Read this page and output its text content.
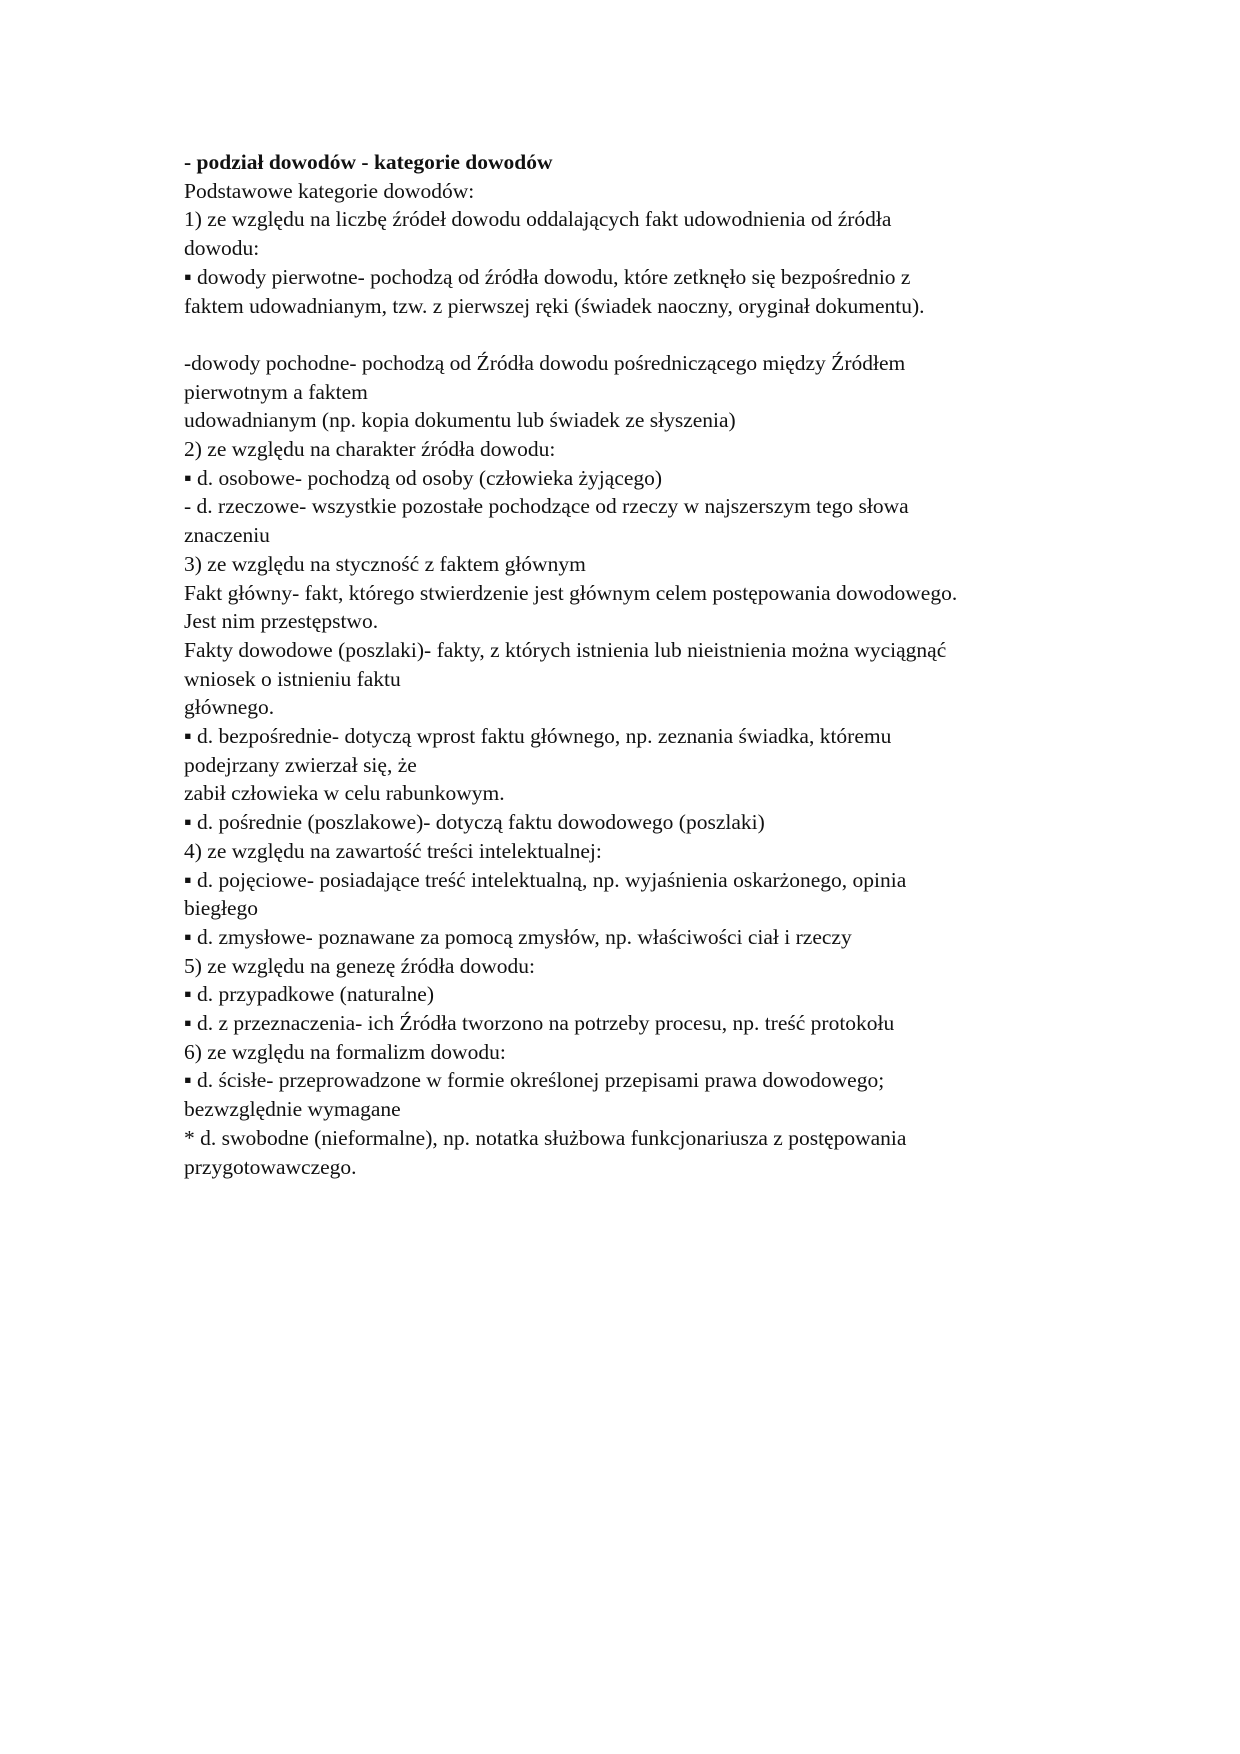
- podział dowodów - kategorie dowodów
Podstawowe kategorie dowodów:
1) ze względu na liczbę źródeł dowodu oddalających fakt udowodnienia od źródła
dowodu:
▪ dowody pierwotne- pochodzą od źródła dowodu, które zetknęło się bezpośrednio z
faktem udowadnianym, tzw. z pierwszej ręki (świadek naoczny, oryginał dokumentu).
-dowody pochodne- pochodzą od Źródła dowodu pośredniczącego między Źródłem
pierwotnym a faktem
udowadnianym (np. kopia dokumentu lub świadek ze słyszenia)
2) ze względu na charakter źródła dowodu:
▪ d. osobowe- pochodzą od osoby (człowieka żyjącego)
- d. rzeczowe- wszystkie pozostałe pochodzące od rzeczy w najszerszym tego słowa
znaczeniu
3) ze względu na styczność z faktem głównym
Fakt główny- fakt, którego stwierdzenie jest głównym celem postępowania dowodowego.
Jest nim przestępstwo.
Fakty dowodowe (poszlaki)- fakty, z których istnienia lub nieistnienia można wyciągnąć
wniosek o istnieniu faktu
głównego.
▪ d. bezpośrednie- dotyczą wprost faktu głównego, np. zeznania świadka, któremu
podejrzany zwierzał się, że
zabił człowieka w celu rabunkowym.
▪ d. pośrednie (poszlakowe)- dotyczą faktu dowodowego (poszlaki)
4) ze względu na zawartość treści intelektualnej:
▪ d. pojęciowe- posiadające treść intelektualną, np. wyjaśnienia oskarżonego, opinia
biegłego
▪ d. zmysłowe- poznawane za pomocą zmysłów, np. właściwości ciał i rzeczy
5) ze względu na genezę źródła dowodu:
▪ d. przypadkowe (naturalne)
▪ d. z przeznaczenia- ich Źródła tworzono na potrzeby procesu, np. treść protokołu
6) ze względu na formalizm dowodu:
▪ d. ścisłe- przeprowadzone w formie określonej przepisami prawa dowodowego;
bezwzględnie wymagane
* d. swobodne (nieformalne), np. notatka służbowa funkcjonariusza z postępowania
przygotowawczego.
